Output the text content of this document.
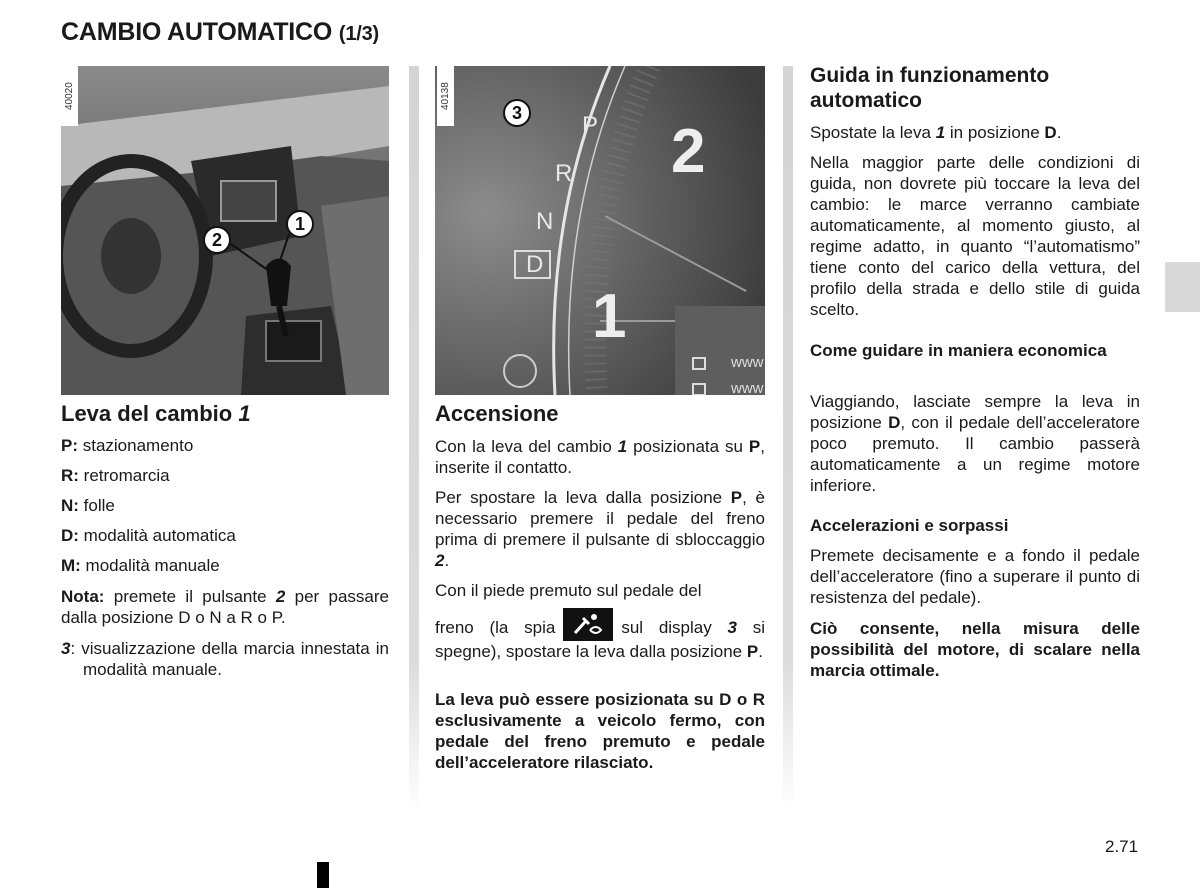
CAMBIO AUTOMATICO (1/3)
40020
1
2
40138
3	P
R
N
D
2
1
www
www
Leva del cambio 1

P: stazionamento

R: retromarcia

N: folle

D: modalità automatica

M: modalità manuale

Nota: premete il pulsante 2 per passare dalla posizione D o N a R o P.

3: visualizzazione della marcia innestata in modalità manuale.

Accensione

Con la leva del cambio 1 posizionata su P, inserite il contatto.

Per spostare la leva dalla posizione P, è necessario premere il pedale del freno prima di premere il pulsante di sbloccaggio 2.

Con il piede premuto sul pedale del

freno (la spia	sul display 3 si spegne), spostare la leva dalla posizione P.

La leva può essere posizionata su D o R esclusivamente a veicolo fermo, con pedale del freno premuto e pedale dell’acceleratore rilasciato.

Guida in funzionamento automatico

Spostate la leva 1 in posizione D.

Nella maggior parte delle condizioni di guida, non dovrete più toccare la leva del cambio: le marce verranno cambiate automaticamente, al momento giusto, al regime adatto, in quanto “l’automatismo” tiene conto del carico della vettura, del profilo della strada e dello stile di guida scelto.

Come guidare in maniera economica

Viaggiando, lasciate sempre la leva in posizione D, con il pedale dell’acceleratore poco premuto. Il cambio passerà automaticamente a un regime motore inferiore.

Accelerazioni e sorpassi

Premete decisamente e a fondo il pedale dell’acceleratore (fino a superare il punto di resistenza del pedale).

Ciò consente, nella misura delle possibilità del motore, di scalare nella marcia ottimale.

2.71
